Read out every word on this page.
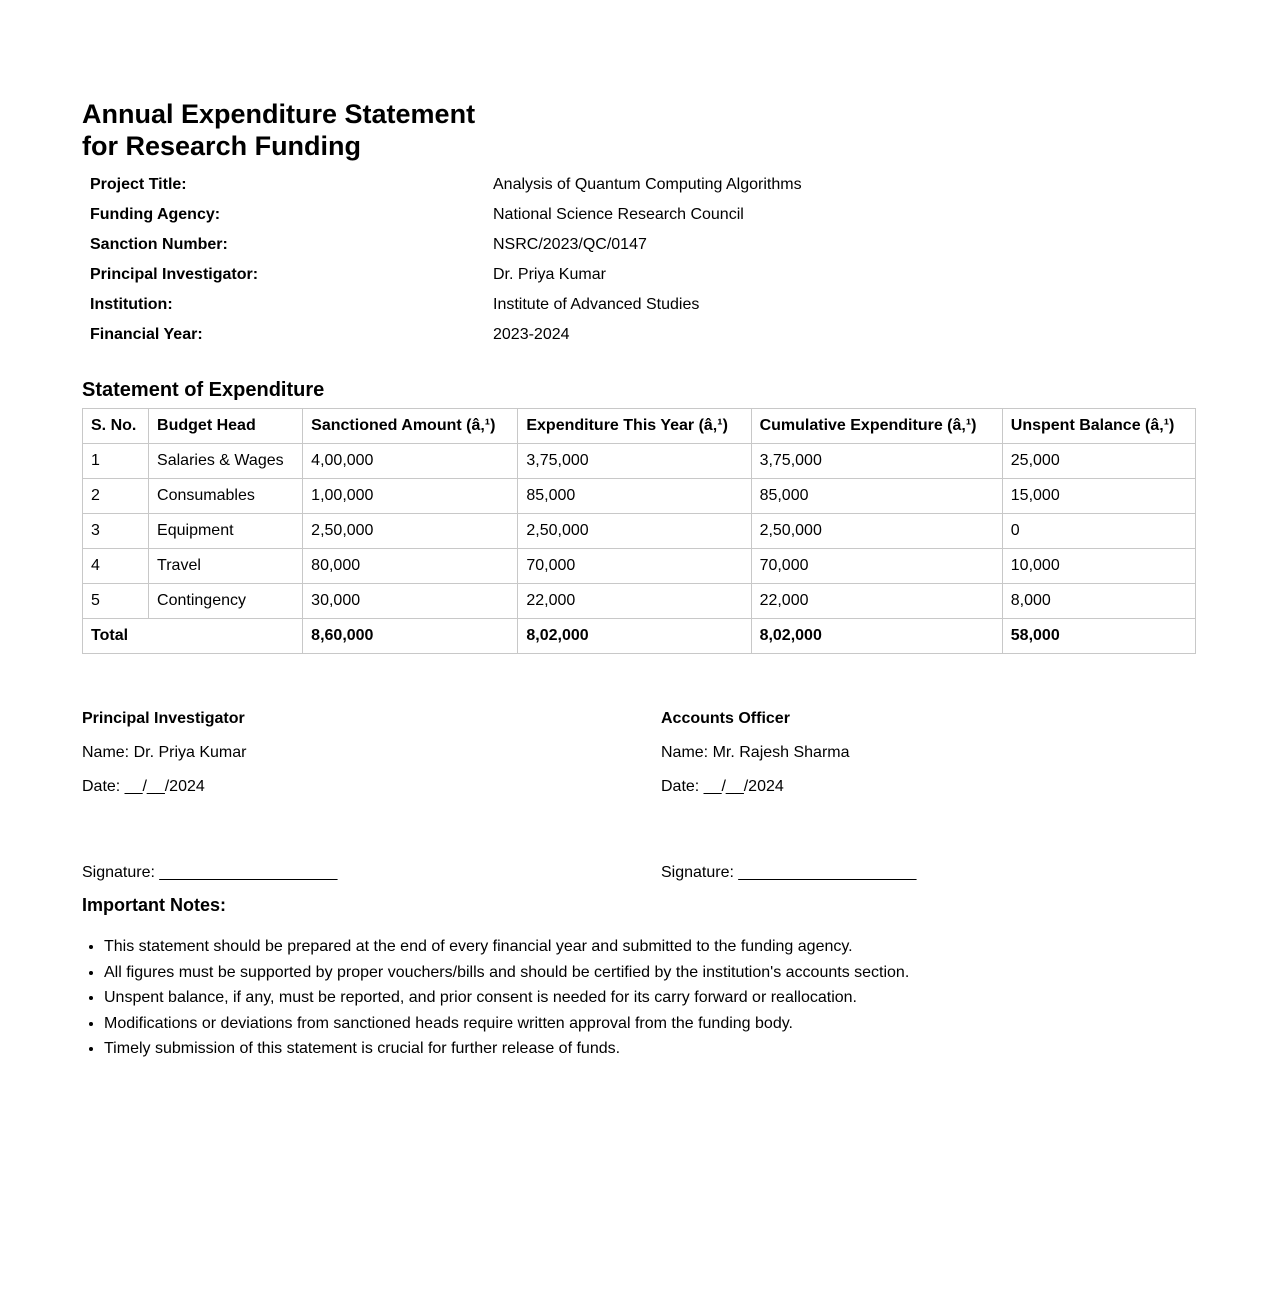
Annual Expenditure Statement
for Research Funding
Project Title:	Analysis of Quantum Computing Algorithms
Funding Agency:	National Science Research Council
Sanction Number:	NSRC/2023/QC/0147
Principal Investigator:	Dr. Priya Kumar
Institution:	Institute of Advanced Studies
Financial Year:	2023-2024
Statement of Expenditure
S. No.	Budget Head	Sanctioned Amount (â‚¹)	Expenditure This Year (â‚¹)	Cumulative Expenditure (â‚¹)	Unspent Balance (â‚¹)
1	Salaries & Wages	4,00,000	3,75,000	3,75,000	25,000
2	Consumables	1,00,000	85,000	85,000	15,000
3	Equipment	2,50,000	2,50,000	2,50,000	0
4	Travel	80,000	70,000	70,000	10,000
5	Contingency	30,000	22,000	22,000	8,000
Total		8,60,000	8,02,000	8,02,000	58,000

Principal Investigator

Name: Dr. Priya Kumar

Date: __/__/2024

Signature: ____________________

Accounts Officer

Name: Mr. Rajesh Sharma

Date: __/__/2024

Signature: ____________________

Important Notes:
• This statement should be prepared at the end of every financial year and submitted to the funding agency.
• All figures must be supported by proper vouchers/bills and should be certified by the institution's accounts section.
• Unspent balance, if any, must be reported, and prior consent is needed for its carry forward or reallocation.
• Modifications or deviations from sanctioned heads require written approval from the funding body.
• Timely submission of this statement is crucial for further release of funds.
